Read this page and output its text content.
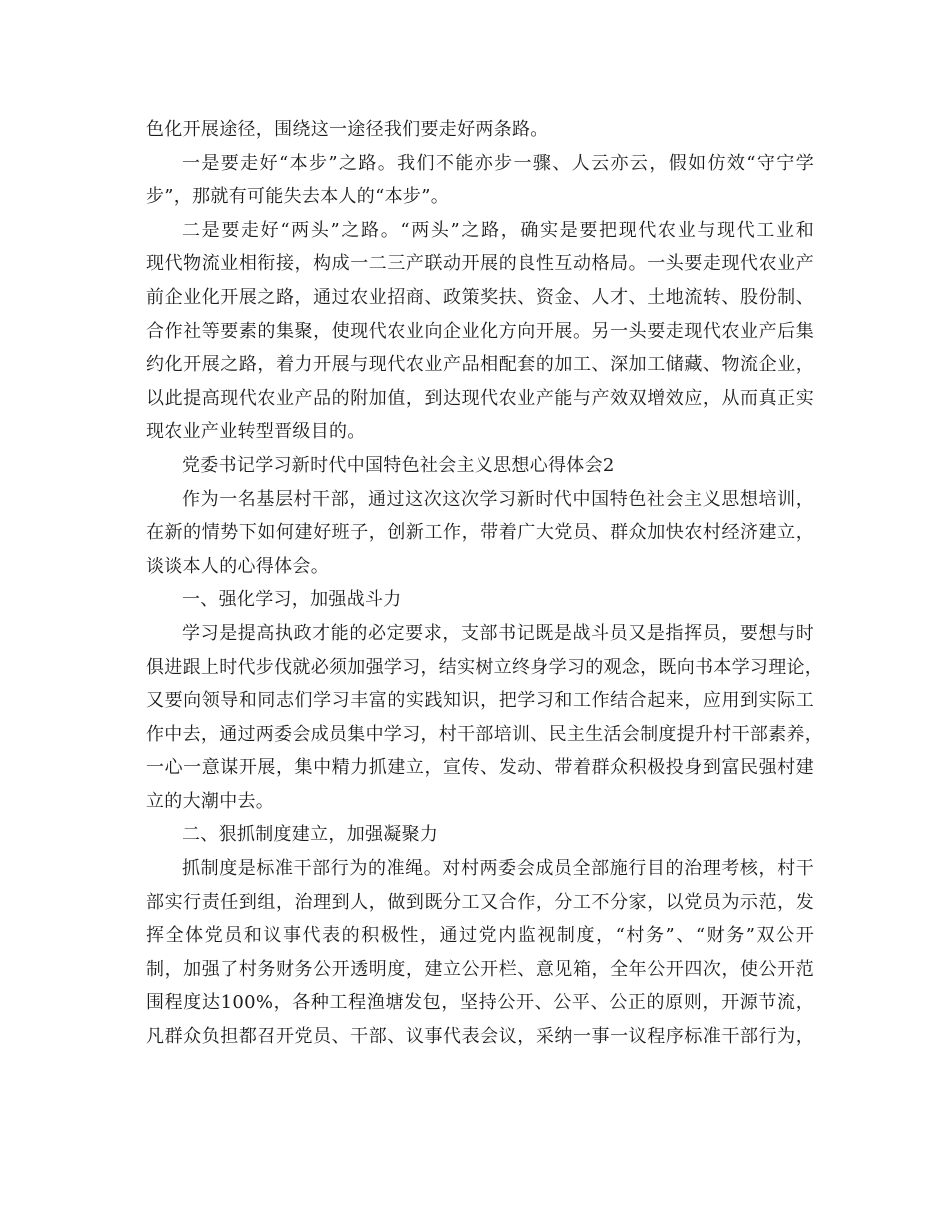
色化开展途径，围绕这一途径我们要走好两条路。
一是要走好“本步”之路。我们不能亦步一骤、人云亦云，假如仿效“守宁学
步”，那就有可能失去本人的“本步”。
二是要走好“两头”之路。“两头”之路，确实是要把现代农业与现代工业和
现代物流业相衔接，构成一二三产联动开展的良性互动格局。一头要走现代农业产
前企业化开展之路，通过农业招商、政策奖扶、资金、人才、土地流转、股份制、
合作社等要素的集聚，使现代农业向企业化方向开展。另一头要走现代农业产后集
约化开展之路，着力开展与现代农业产品相配套的加工、深加工储藏、物流企业，
以此提高现代农业产品的附加值，到达现代农业产能与产效双增效应，从而真正实
现农业产业转型晋级目的。
党委书记学习新时代中国特色社会主义思想心得体会2
作为一名基层村干部，通过这次这次学习新时代中国特色社会主义思想培训，
在新的情势下如何建好班子，创新工作，带着广大党员、群众加快农村经济建立，
谈谈本人的心得体会。
一、强化学习，加强战斗力
学习是提高执政才能的必定要求，支部书记既是战斗员又是指挥员，要想与时
俱进跟上时代步伐就必须加强学习，结实树立终身学习的观念，既向书本学习理论，
又要向领导和同志们学习丰富的实践知识，把学习和工作结合起来，应用到实际工
作中去，通过两委会成员集中学习，村干部培训、民主生活会制度提升村干部素养，
一心一意谋开展，集中精力抓建立，宣传、发动、带着群众积极投身到富民强村建
立的大潮中去。
二、狠抓制度建立，加强凝聚力
抓制度是标准干部行为的准绳。对村两委会成员全部施行目的治理考核，村干
部实行责任到组，治理到人，做到既分工又合作，分工不分家，以党员为示范，发
挥全体党员和议事代表的积极性，通过党内监视制度，“村务”、“财务”双公开
制，加强了村务财务公开透明度，建立公开栏、意见箱，全年公开四次，使公开范
围程度达100%，各种工程渔塘发包，坚持公开、公平、公正的原则，开源节流，
凡群众负担都召开党员、干部、议事代表会议，采纳一事一议程序标准干部行为，
